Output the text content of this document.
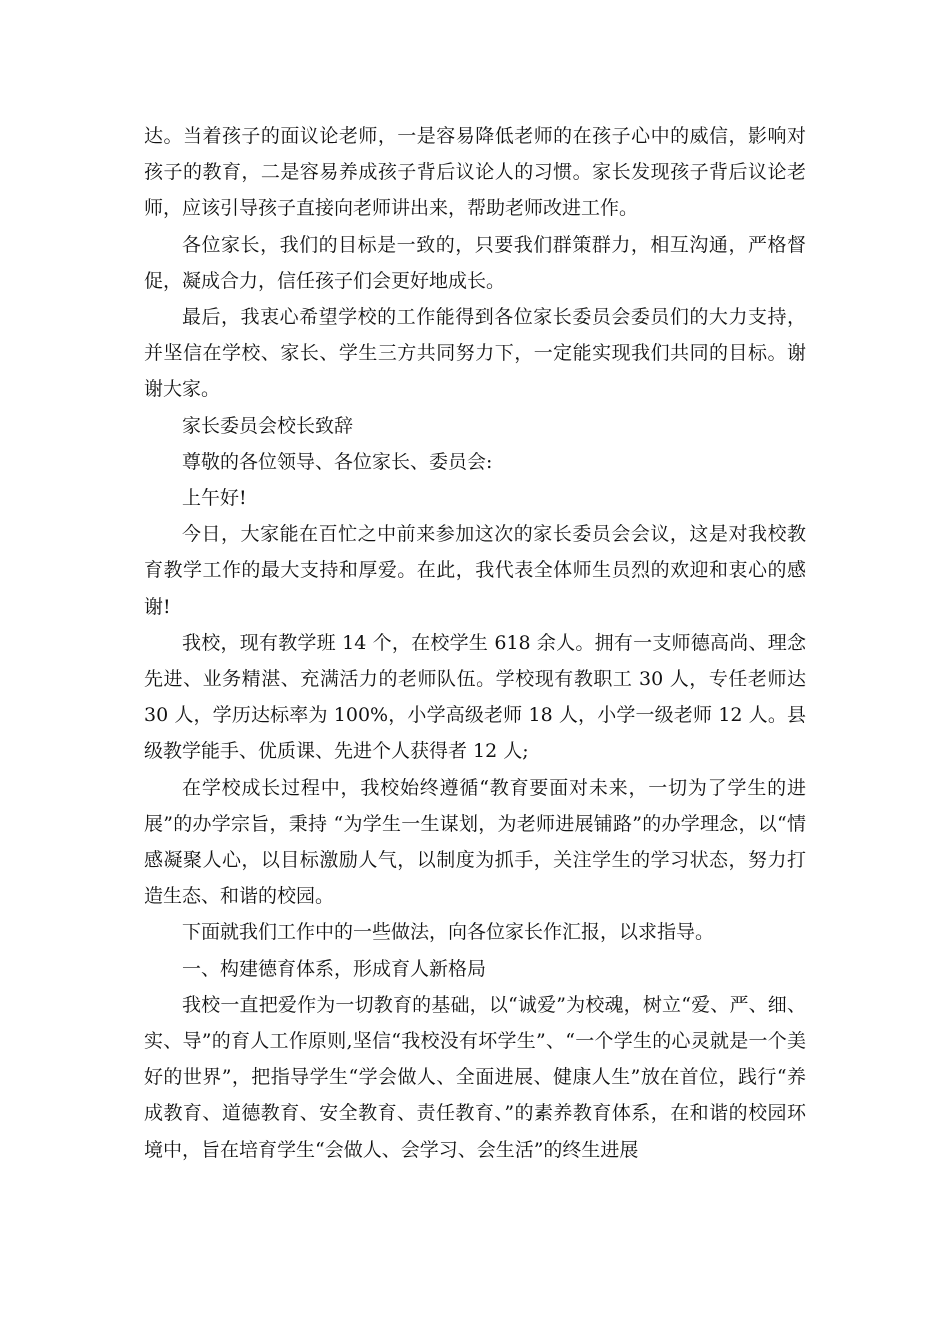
达。当着孩子的面议论老师，一是容易降低老师的在孩子心中的威信，影响对孩子的教育，二是容易养成孩子背后议论人的习惯。家长发现孩子背后议论老师，应该引导孩子直接向老师讲出来，帮助老师改进工作。

各位家长，我们的目标是一致的，只要我们群策群力，相互沟通，严格督促，凝成合力，信任孩子们会更好地成长。

最后，我衷心希望学校的工作能得到各位家长委员会委员们的大力支持，并坚信在学校、家长、学生三方共同努力下，一定能实现我们共同的目标。谢谢大家。

家长委员会校长致辞

尊敬的各位领导、各位家长、委员会:

上午好!

今日，大家能在百忙之中前来参加这次的家长委员会会议，这是对我校教育教学工作的最大支持和厚爱。在此，我代表全体师生员烈的欢迎和衷心的感谢!

我校，现有教学班 14 个，在校学生 618 余人。拥有一支师德高尚、理念先进、业务精湛、充满活力的老师队伍。学校现有教职工 30 人，专任老师达 30 人，学历达标率为 100%，小学高级老师 18 人，小学一级老师 12 人。县级教学能手、优质课、先进个人获得者 12 人;

在学校成长过程中，我校始终遵循“教育要面对未来，一切为了学生的进展”的办学宗旨，秉持 “为学生一生谋划，为老师进展铺路”的办学理念，以“情感凝聚人心，以目标激励人气，以制度为抓手，关注学生的学习状态，努力打造生态、和谐的校园。

下面就我们工作中的一些做法，向各位家长作汇报，以求指导。

一、构建德育体系，形成育人新格局

我校一直把爱作为一切教育的基础，以“诚爱”为校魂，树立“爱、严、细、实、导”的育人工作原则,坚信“我校没有坏学生”、“一个学生的心灵就是一个美好的世界”，把指导学生“学会做人、全面进展、健康人生”放在首位，践行“养成教育、道德教育、安全教育、责任教育、”的素养教育体系，在和谐的校园环境中，旨在培育学生“会做人、会学习、会生活”的终生进展
